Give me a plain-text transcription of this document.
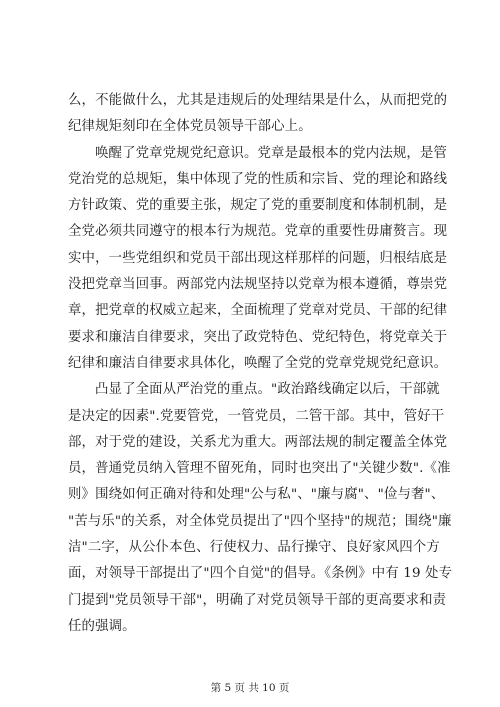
么，不能做什么，尤其是违规后的处理结果是什么，从而把党的
纪律规矩刻印在全体党员领导干部心上。
唤醒了党章党规党纪意识。党章是最根本的党内法规，是管
党治党的总规矩，集中体现了党的性质和宗旨、党的理论和路线
方针政策、党的重要主张，规定了党的重要制度和体制机制，是
全党必须共同遵守的根本行为规范。党章的重要性毋庸赘言。现
实中，一些党组织和党员干部出现这样那样的问题，归根结底是
没把党章当回事。两部党内法规坚持以党章为根本遵循，尊崇党
章，把党章的权威立起来，全面梳理了党章对党员、干部的纪律
要求和廉洁自律要求，突出了政党特色、党纪特色，将党章关于
纪律和廉洁自律要求具体化，唤醒了全党的党章党规党纪意识。
凸显了全面从严治党的重点。"政治路线确定以后，干部就
是决定的因素".党要管党，一管党员，二管干部。其中，管好干
部，对于党的建设，关系尤为重大。两部法规的制定覆盖全体党
员，普通党员纳入管理不留死角，同时也突出了"关键少数".《准
则》围绕如何正确对待和处理"公与私"、"廉与腐"、"俭与奢"、
"苦与乐"的关系，对全体党员提出了"四个坚持"的规范；围绕"廉
洁"二字，从公仆本色、行使权力、品行操守、良好家风四个方
面，对领导干部提出了"四个自觉"的倡导。《条例》中有 19 处专
门提到"党员领导干部"，明确了对党员领导干部的更高要求和责
任的强调。
第 5 页 共 10 页
